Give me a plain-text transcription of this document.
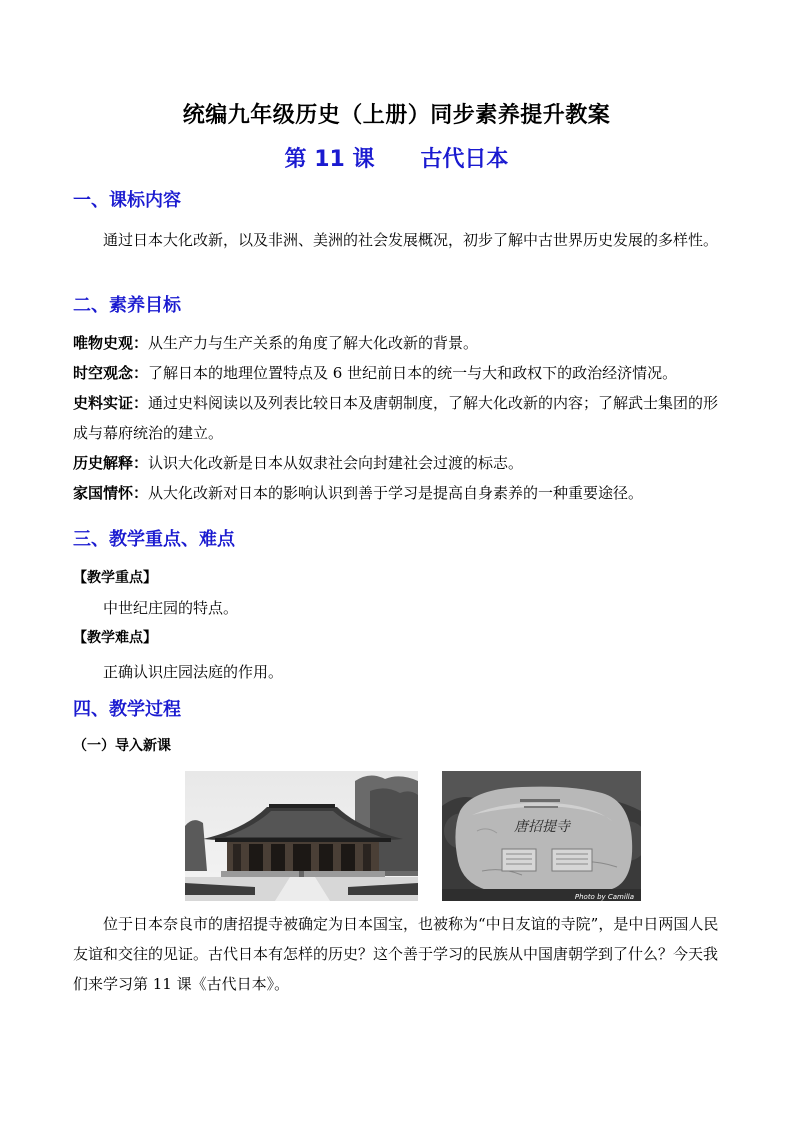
统编九年级历史（上册）同步素养提升教案
第 11 课      古代日本
一、课标内容
通过日本大化改新，以及非洲、美洲的社会发展概况，初步了解中古世界历史发展的多样性。
二、素养目标
唯物史观：从生产力与生产关系的角度了解大化改新的背景。
时空观念：了解日本的地理位置特点及 6 世纪前日本的统一与大和政权下的政治经济情况。
史料实证：通过史料阅读以及列表比较日本及唐朝制度，了解大化改新的内容；了解武士集团的形成与幕府统治的建立。
历史解释：认识大化改新是日本从奴隶社会向封建社会过渡的标志。
家国情怀：从大化改新对日本的影响认识到善于学习是提高自身素养的一种重要途径。
三、教学重点、难点
【教学重点】
中世纪庄园的特点。
【教学难点】
正确认识庄园法庭的作用。
四、教学过程
（一）导入新课
唐招提寺
Photo by Camilla
位于日本奈良市的唐招提寺被确定为日本国宝，也被称为“中日友谊的寺院”，是中日两国人民友谊和交往的见证。古代日本有怎样的历史？这个善于学习的民族从中国唐朝学到了什么？今天我们来学习第 11 课《古代日本》。
